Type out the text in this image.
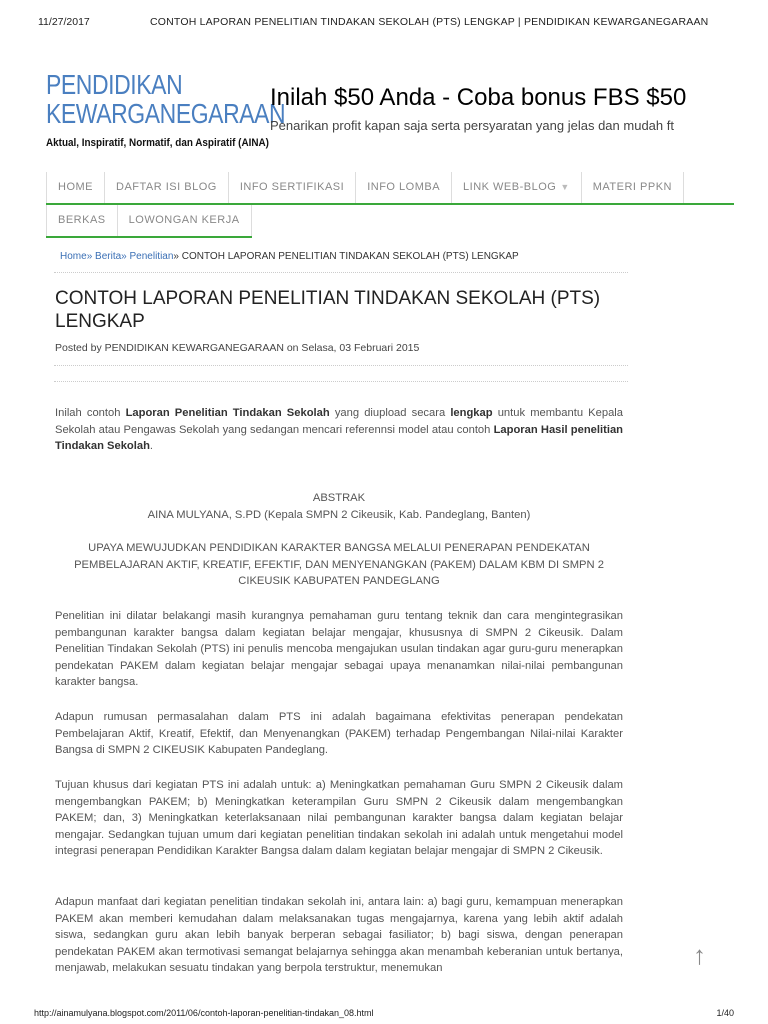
11/27/2017	CONTOH LAPORAN PENELITIAN TINDAKAN SEKOLAH (PTS) LENGKAP | PENDIDIKAN KEWARGANEGARAAN
PENDIDIKAN
KEWARGANEGARAAN
Aktual, Inspiratif, Normatif, dan Aspiratif (AINA)
Inilah $50 Anda - Coba bonus FBS $50
Penarikan profit kapan saja serta persyaratan yang jelas dan mudah ft
HOME	DAFTAR ISI BLOG	INFO SERTIFIKASI	INFO LOMBA	LINK WEB-BLOG ▼	MATERI PPKN
BERKAS	LOWONGAN KERJA
Home» Berita» Penelitian» CONTOH LAPORAN PENELITIAN TINDAKAN SEKOLAH (PTS) LENGKAP
CONTOH LAPORAN PENELITIAN TINDAKAN SEKOLAH (PTS) LENGKAP
Posted by PENDIDIKAN KEWARGANEGARAAN on Selasa, 03 Februari 2015
Inilah contoh Laporan Penelitian Tindakan Sekolah yang diupload secara lengkap untuk membantu Kepala Sekolah atau Pengawas Sekolah yang sedangan mencari referennsi model atau contoh Laporan Hasil penelitian Tindakan Sekolah.
ABSTRAK
AINA MULYANA, S.PD (Kepala SMPN 2 Cikeusik, Kab. Pandeglang, Banten)
UPAYA MEWUJUDKAN PENDIDIKAN KARAKTER BANGSA MELALUI PENERAPAN PENDEKATAN PEMBELAJARAN AKTIF, KREATIF, EFEKTIF, DAN MENYENANGKAN (PAKEM) DALAM KBM DI SMPN 2 CIKEUSIK KABUPATEN PANDEGLANG
Penelitian ini dilatar belakangi masih kurangnya pemahaman guru tentang teknik dan cara mengintegrasikan pembangunan karakter bangsa dalam kegiatan belajar mengajar, khususnya di SMPN 2 Cikeusik. Dalam Penelitian Tindakan Sekolah (PTS) ini penulis mencoba mengajukan usulan tindakan agar guru-guru menerapkan pendekatan PAKEM dalam kegiatan belajar mengajar sebagai upaya menanamkan nilai-nilai pembangunan karakter bangsa.
Adapun rumusan permasalahan dalam PTS ini adalah bagaimana efektivitas penerapan pendekatan Pembelajaran Aktif, Kreatif, Efektif, dan Menyenangkan (PAKEM) terhadap Pengembangan Nilai-nilai Karakter Bangsa di SMPN 2 CIKEUSIK Kabupaten Pandeglang.
Tujuan khusus dari kegiatan PTS ini adalah untuk: a) Meningkatkan pemahaman Guru SMPN 2 Cikeusik dalam mengembangkan PAKEM; b) Meningkatkan keterampilan Guru SMPN 2 Cikeusik dalam mengembangkan PAKEM; dan, 3) Meningkatkan keterlaksanaan nilai pembangunan karakter bangsa dalam kegiatan belajar mengajar. Sedangkan tujuan umum dari kegiatan penelitian tindakan sekolah ini adalah untuk mengetahui model integrasi penerapan Pendidikan Karakter Bangsa dalam dalam kegiatan belajar mengajar di SMPN 2 Cikeusik.
Adapun manfaat dari kegiatan penelitian tindakan sekolah ini, antara lain: a) bagi guru, kemampuan menerapkan PAKEM akan memberi kemudahan dalam melaksanakan tugas mengajarnya, karena yang lebih aktif adalah siswa, sedangkan guru akan lebih banyak berperan sebagai fasiliator; b) bagi siswa, dengan penerapan pendekatan PAKEM akan termotivasi semangat belajarnya sehingga akan menambah keberanian untuk bertanya, menjawab, melakukan sesuatu tindakan yang berpola terstruktur, menemukan	↑
http://ainamulyana.blogspot.com/2011/06/contoh-laporan-penelitian-tindakan_08.html	1/40
